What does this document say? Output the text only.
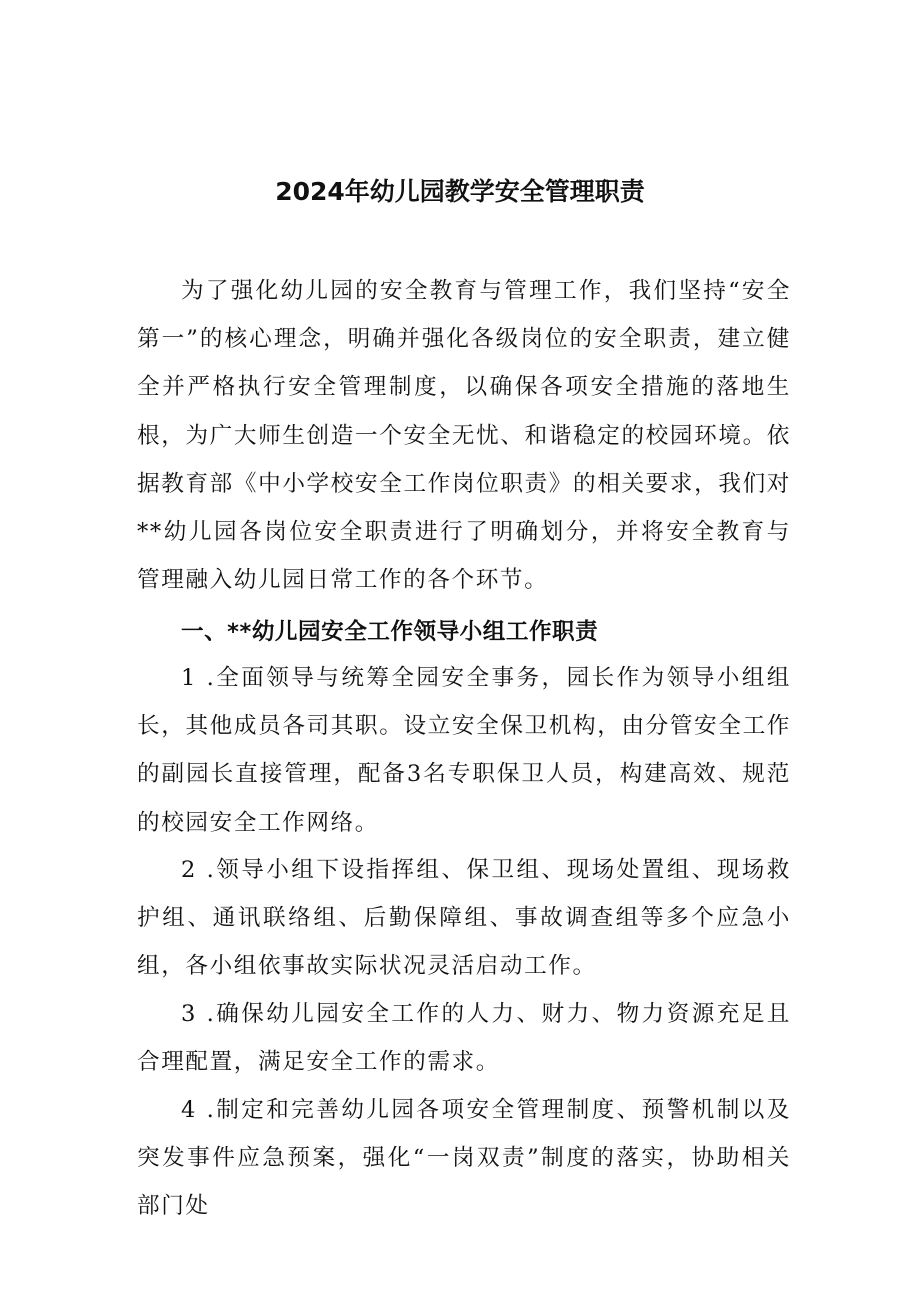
2024年幼儿园教学安全管理职责

为了强化幼儿园的安全教育与管理工作，我们坚持“安全第一”的核心理念，明确并强化各级岗位的安全职责，建立健全并严格执行安全管理制度，以确保各项安全措施的落地生根，为广大师生创造一个安全无忧、和谐稳定的校园环境。依据教育部《中小学校安全工作岗位职责》的相关要求，我们对**幼儿园各岗位安全职责进行了明确划分，并将安全教育与管理融入幼儿园日常工作的各个环节。

一、**幼儿园安全工作领导小组工作职责

1 .全面领导与统筹全园安全事务，园长作为领导小组组长，其他成员各司其职。设立安全保卫机构，由分管安全工作的副园长直接管理，配备3名专职保卫人员，构建高效、规范的校园安全工作网络。

2 .领导小组下设指挥组、保卫组、现场处置组、现场救护组、通讯联络组、后勤保障组、事故调查组等多个应急小组，各小组依事故实际状况灵活启动工作。

3 .确保幼儿园安全工作的人力、财力、物力资源充足且合理配置，满足安全工作的需求。

4 .制定和完善幼儿园各项安全管理制度、预警机制以及突发事件应急预案，强化“一岗双责”制度的落实，协助相关部门处
